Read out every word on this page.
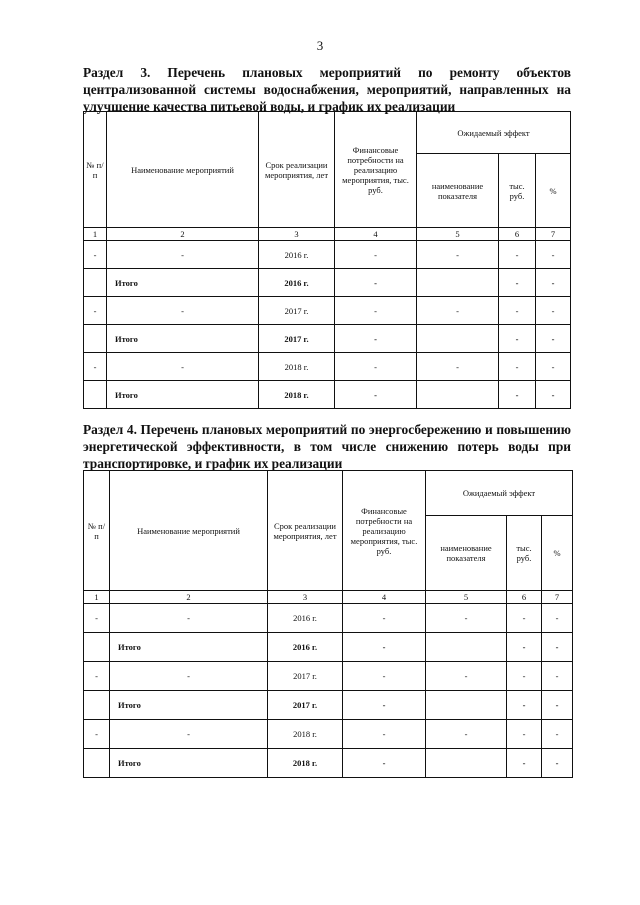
3
Раздел 3. Перечень плановых мероприятий по ремонту объектов централизованной системы водоснабжения, мероприятий, направленных на улучшение качества питьевой воды, и график их реализации
№ п/п	Наименование мероприятий	Срок реализации мероприятия, лет	Финансовые потребности на реализацию мероприятия, тыс. руб.	Ожидаемый эффект		
				наименование показателя	тыс. руб.	%
1	2	3	4	5	6	7
-	-	2016 г.	-	-	-	-
	Итого	2016 г.	-		-	-
-	-	2017 г.	-	-	-	-
	Итого	2017 г.	-		-	-
-	-	2018 г.	-	-	-	-
	Итого	2018 г.	-		-	-
Раздел 4. Перечень плановых мероприятий по энергосбережению и повышению энергетической эффективности, в том числе снижению потерь воды при транспортировке, и график их реализации
№ п/п	Наименование мероприятий	Срок реализации мероприятия, лет	Финансовые потребности на реализацию мероприятия, тыс. руб.	Ожидаемый эффект		
				наименование показателя	тыс. руб.	%
1	2	3	4	5	6	7
-	-	2016 г.	-	-	-	-
	Итого	2016 г.	-		-	-
-	-	2017 г.	-	-	-	-
	Итого	2017 г.	-		-	-
-	-	2018 г.	-	-	-	-
	Итого	2018 г.	-		-	-
